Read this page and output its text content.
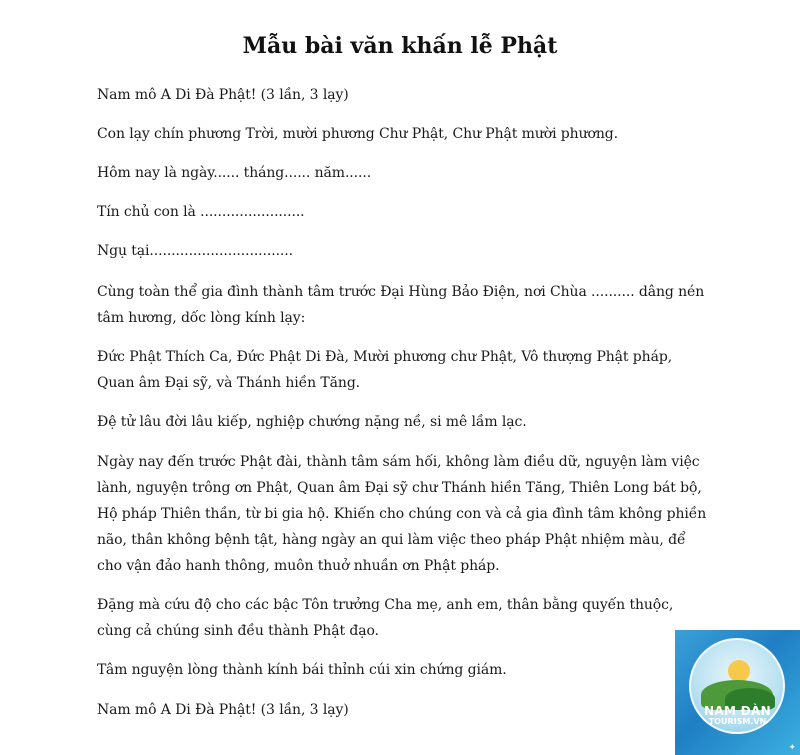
Mẫu bài văn khấn lễ Phật

Nam mô A Di Đà Phật! (3 lần, 3 lạy)

Con lạy chín phương Trời, mười phương Chư Phật, Chư Phật mười phương.

Hôm nay là ngày...... tháng...... năm......

Tín chủ con là ........................

Ngụ tại.................................

Cùng toàn thể gia đình thành tâm trước Đại Hùng Bảo Điện, nơi Chùa .......... dâng nén tâm hương, dốc lòng kính lạy:

Đức Phật Thích Ca, Đức Phật Di Đà, Mười phương chư Phật, Vô thượng Phật pháp, Quan âm Đại sỹ, và Thánh hiền Tăng.

Đệ tử lâu đời lâu kiếp, nghiệp chướng nặng nề, si mê lầm lạc.

Ngày nay đến trước Phật đài, thành tâm sám hối, không làm điều dữ, nguyện làm việc lành, nguyện trông ơn Phật, Quan âm Đại sỹ chư Thánh hiền Tăng, Thiên Long bát bộ, Hộ pháp Thiên thần, từ bi gia hộ. Khiến cho chúng con và cả gia đình tâm không phiền não, thân không bệnh tật, hàng ngày an qui làm việc theo pháp Phật nhiệm màu, để cho vận đảo hanh thông, muôn thuở nhuần ơn Phật pháp.

Đặng mà cứu độ cho các bậc Tôn trưởng Cha mẹ, anh em, thân bằng quyến thuộc, cùng cả chúng sinh đều thành Phật đạo.

Tâm nguyện lòng thành kính bái thỉnh cúi xin chứng giám.

Nam mô A Di Đà Phật! (3 lần, 3 lạy)	NAM ĐÀN
TOURISM.VN
✦
